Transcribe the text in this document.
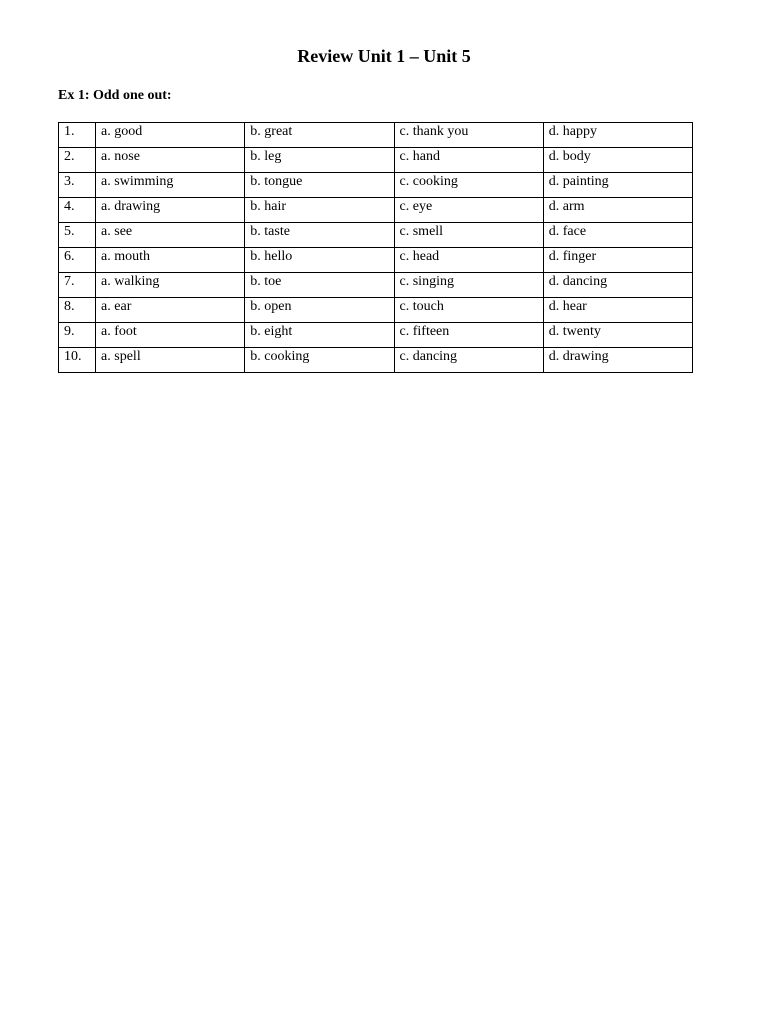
Review Unit 1 – Unit 5
Ex 1: Odd one out:
1.	a. good	b. great	c. thank you	d. happy
2.	a. nose	b. leg	c. hand	d. body
3.	a. swimming	b. tongue	c. cooking	d. painting
4.	a. drawing	b. hair	c. eye	d. arm
5.	a. see	b. taste	c. smell	d. face
6.	a. mouth	b. hello	c. head	d. finger
7.	a. walking	b. toe	c. singing	d. dancing
8.	a. ear	b. open	c. touch	d. hear
9.	a. foot	b. eight	c. fifteen	d. twenty
10.	a. spell	b. cooking	c. dancing	d. drawing
